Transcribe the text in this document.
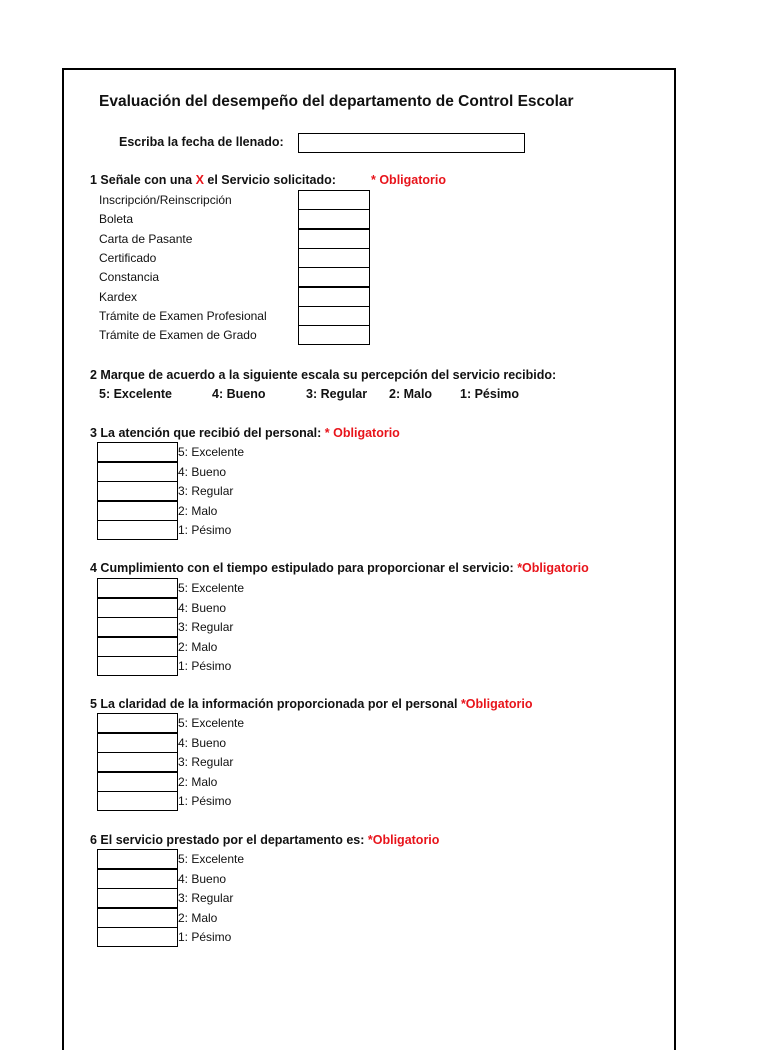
Evaluación del desempeño del departamento de Control Escolar
Escriba la fecha de llenado:
1 Señale con una X el Servicio solicitado:	* Obligatorio
Inscripción/Reinscripción
Boleta
Carta de Pasante
Certificado
Constancia
Kardex
Trámite de Examen Profesional
Trámite de Examen de Grado
2 Marque de acuerdo a la siguiente escala su percepción del servicio recibido:
5: Excelente	4: Bueno	3: Regular 2: Malo 1: Pésimo
3 La atención que recibió del personal: * Obligatorio
5: Excelente
4: Bueno
3: Regular
2: Malo
1: Pésimo
4 Cumplimiento con el tiempo estipulado para proporcionar el servicio: *Obligatorio
5: Excelente
4: Bueno
3: Regular
2: Malo
1: Pésimo
5 La claridad de la información proporcionada por el personal *Obligatorio
5: Excelente
4: Bueno
3: Regular
2: Malo
1: Pésimo
6 El servicio prestado por el departamento es: *Obligatorio
5: Excelente
4: Bueno
3: Regular
2: Malo
1: Pésimo
